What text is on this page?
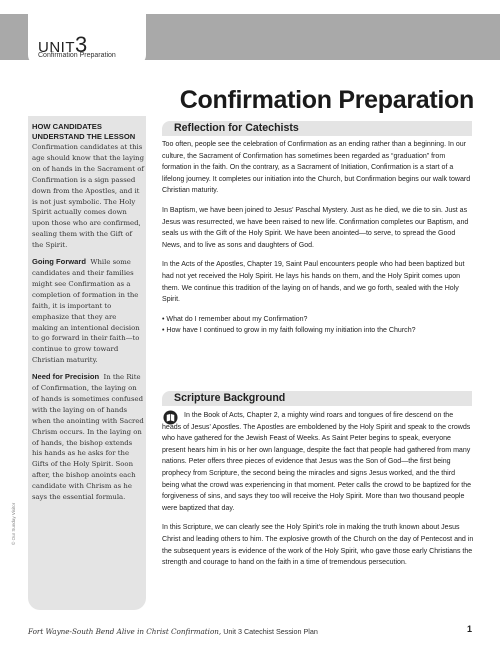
UNIT3
Confirmation Preparation
Confirmation Preparation
HOW CANDIDATES UNDERSTAND THE LESSON

Confirmation candidates at this age should know that the laying on of hands in the Sacrament of Confirmation is a sign passed down from the Apostles, and it is not just symbolic. The Holy Spirit actually comes down upon those who are confirmed, sealing them with the Gift of the Spirit.

Going Forward While some candidates and their families might see Confirmation as a completion of formation in the faith, it is important to emphasize that they are making an intentional decision to go forward in their faith—to continue to grow toward Christian maturity.

Need for Precision In the Rite of Confirmation, the laying on of hands is sometimes confused with the laying on of hands when the anointing with Sacred Chrism occurs. In the laying on of hands, the bishop extends his hands as he asks for the Gifts of the Holy Spirit. Soon after, the bishop anoints each candidate with Chrism as he says the essential formula.

© Our Sunday Visitor
Reflection for Catechists

Too often, people see the celebration of Confirmation as an ending rather than a beginning. In our culture, the Sacrament of Confirmation has sometimes been regarded as “graduation” from formation in the faith. On the contrary, as a Sacrament of Initiation, Confirmation is a start of a lifelong journey. It completes our initiation into the Church, but Confirmation begins our walk toward Christian maturity.

In Baptism, we have been joined to Jesus’ Paschal Mystery. Just as he died, we die to sin. Just as Jesus was resurrected, we have been raised to new life. Confirmation completes our Baptism, and seals us with the Gift of the Holy Spirit. We have been anointed—to serve, to spread the Good News, and to live as sons and daughters of God.

In the Acts of the Apostles, Chapter 19, Saint Paul encounters people who had been baptized but had not yet received the Holy Spirit. He lays his hands on them, and the Holy Spirit comes upon them. We continue this tradition of the laying on of hands, and we go forth, sealed with the Holy Spirit.

• What do I remember about my Confirmation?

• How have I continued to grow in my faith following my initiation into the Church?

Scripture Background

In the Book of Acts, Chapter 2, a mighty wind roars and tongues of fire descend on the heads of Jesus’ Apostles. The Apostles are emboldened by the Holy Spirit and speak to the crowds who have gathered for the Jewish Feast of Weeks. As Saint Peter begins to speak, everyone present hears him in his or her own language, despite the fact that people had gathered from many nations. Peter offers three pieces of evidence that Jesus was the Son of God—the first being prophecy from Scripture, the second being the miracles and signs Jesus worked, and the third being what the crowd was experiencing in that moment. Peter calls the crowd to be baptized for the forgiveness of sins, and says they too will receive the Holy Spirit. More than two thousand people were baptized that day.

In this Scripture, we can clearly see the Holy Spirit’s role in making the truth known about Jesus Christ and leading others to him. The explosive growth of the Church on the day of Pentecost and in the subsequent years is evidence of the work of the Holy Spirit, who gave those early Christians the strength and courage to hand on the faith in a time of tremendous persecution.

Fort Wayne-South Bend Alive in Christ Confirmation, Unit 3 Catechist Session Plan	1
